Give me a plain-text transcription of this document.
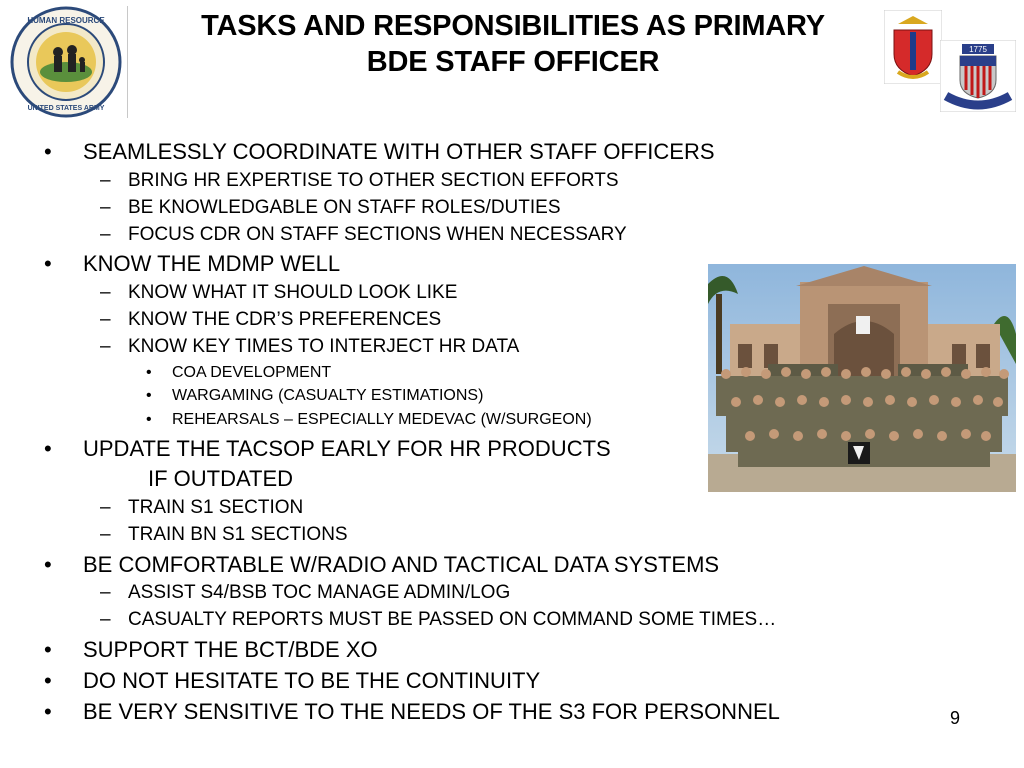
HUMAN RESOURCE
UNITED STATES ARMY
TASKS AND RESPONSIBILITIES AS PRIMARY
BDE STAFF OFFICER	1775
• SEAMLESSLY COORDINATE WITH OTHER STAFF OFFICERS
– BRING HR EXPERTISE TO OTHER SECTION EFFORTS
– BE KNOWLEDGABLE ON STAFF ROLES/DUTIES
– FOCUS CDR ON STAFF SECTIONS WHEN NECESSARY
• KNOW THE MDMP WELL
– KNOW WHAT IT SHOULD LOOK LIKE
– KNOW THE CDR’S PREFERENCES
– KNOW KEY TIMES TO INTERJECT HR DATA
• COA DEVELOPMENT
• WARGAMING (CASUALTY ESTIMATIONS)
• REHEARSALS – ESPECIALLY MEDEVAC (W/SURGEON)
• UPDATE THE TACSOP EARLY FOR HR PRODUCTS
IF OUTDATED
– TRAIN S1 SECTION
– TRAIN BN S1 SECTIONS
• BE COMFORTABLE W/RADIO AND TACTICAL DATA SYSTEMS
– ASSIST S4/BSB TOC MANAGE ADMIN/LOG
– CASUALTY REPORTS MUST BE PASSED ON COMMAND SOME TIMES…
• SUPPORT THE BCT/BDE XO
• DO NOT HESITATE TO BE THE CONTINUITY
• BE VERY SENSITIVE TO THE NEEDS OF THE S3 FOR PERSONNEL	9
